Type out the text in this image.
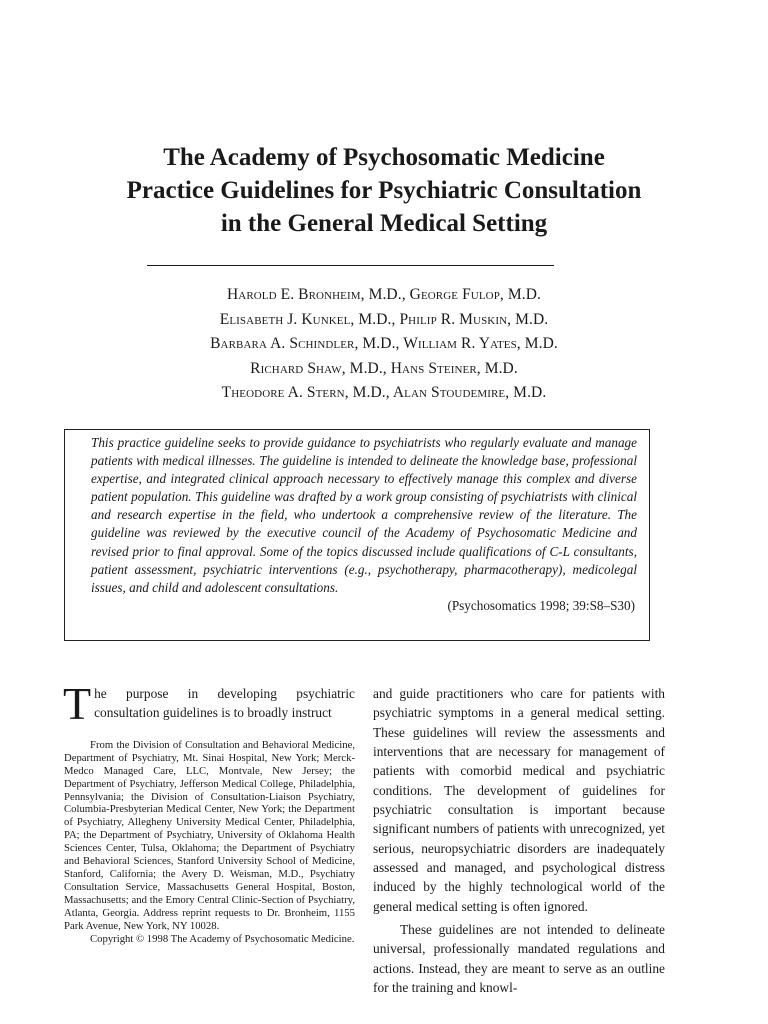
The Academy of Psychosomatic Medicine
Practice Guidelines for Psychiatric Consultation
in the General Medical Setting
Harold E. Bronheim, M.D., George Fulop, M.D.
Elisabeth J. Kunkel, M.D., Philip R. Muskin, M.D.
Barbara A. Schindler, M.D., William R. Yates, M.D.
Richard Shaw, M.D., Hans Steiner, M.D.
Theodore A. Stern, M.D., Alan Stoudemire, M.D.

This practice guideline seeks to provide guidance to psychiatrists who regularly evaluate and manage patients with medical illnesses. The guideline is intended to delineate the knowledge base, professional expertise, and integrated clinical approach necessary to effectively manage this complex and diverse patient population. This guideline was drafted by a work group consisting of psychiatrists with clinical and research expertise in the field, who undertook a comprehensive review of the literature. The guideline was reviewed by the executive council of the Academy of Psychosomatic Medicine and revised prior to final approval. Some of the topics discussed include qualifications of C-L consultants, patient assessment, psychiatric interventions (e.g., psychotherapy, pharmacotherapy), medicolegal issues, and child and adolescent consultations.

(Psychosomatics 1998; 39:S8–S30)

The purpose in developing psychiatric consultation guidelines is to broadly instruct

From the Division of Consultation and Behavioral Medicine, Department of Psychiatry, Mt. Sinai Hospital, New York; Merck-Medco Managed Care, LLC, Montvale, New Jersey; the Department of Psychiatry, Jefferson Medical College, Philadelphia, Pennsylvania; the Division of Consultation-Liaison Psychiatry, Columbia-Presbyterian Medical Center, New York; the Department of Psychiatry, Allegheny University Medical Center, Philadelphia, PA; the Department of Psychiatry, University of Oklahoma Health Sciences Center, Tulsa, Oklahoma; the Department of Psychiatry and Behavioral Sciences, Stanford University School of Medicine, Stanford, California; the Avery D. Weisman, M.D., Psychiatry Consultation Service, Massachusetts General Hospital, Boston, Massachusetts; and the Emory Central Clinic-Section of Psychiatry, Atlanta, Georgia. Address reprint requests to Dr. Bronheim, 1155 Park Avenue, New York, NY 10028.

Copyright © 1998 The Academy of Psychosomatic Medicine.

and guide practitioners who care for patients with psychiatric symptoms in a general medical setting. These guidelines will review the assessments and interventions that are necessary for management of patients with comorbid medical and psychiatric conditions. The development of guidelines for psychiatric consultation is important because significant numbers of patients with unrecognized, yet serious, neuropsychiatric disorders are inadequately assessed and managed, and psychological distress induced by the highly technological world of the general medical setting is often ignored.

These guidelines are not intended to delineate universal, professionally mandated regulations and actions. Instead, they are meant to serve as an outline for the training and knowl-
